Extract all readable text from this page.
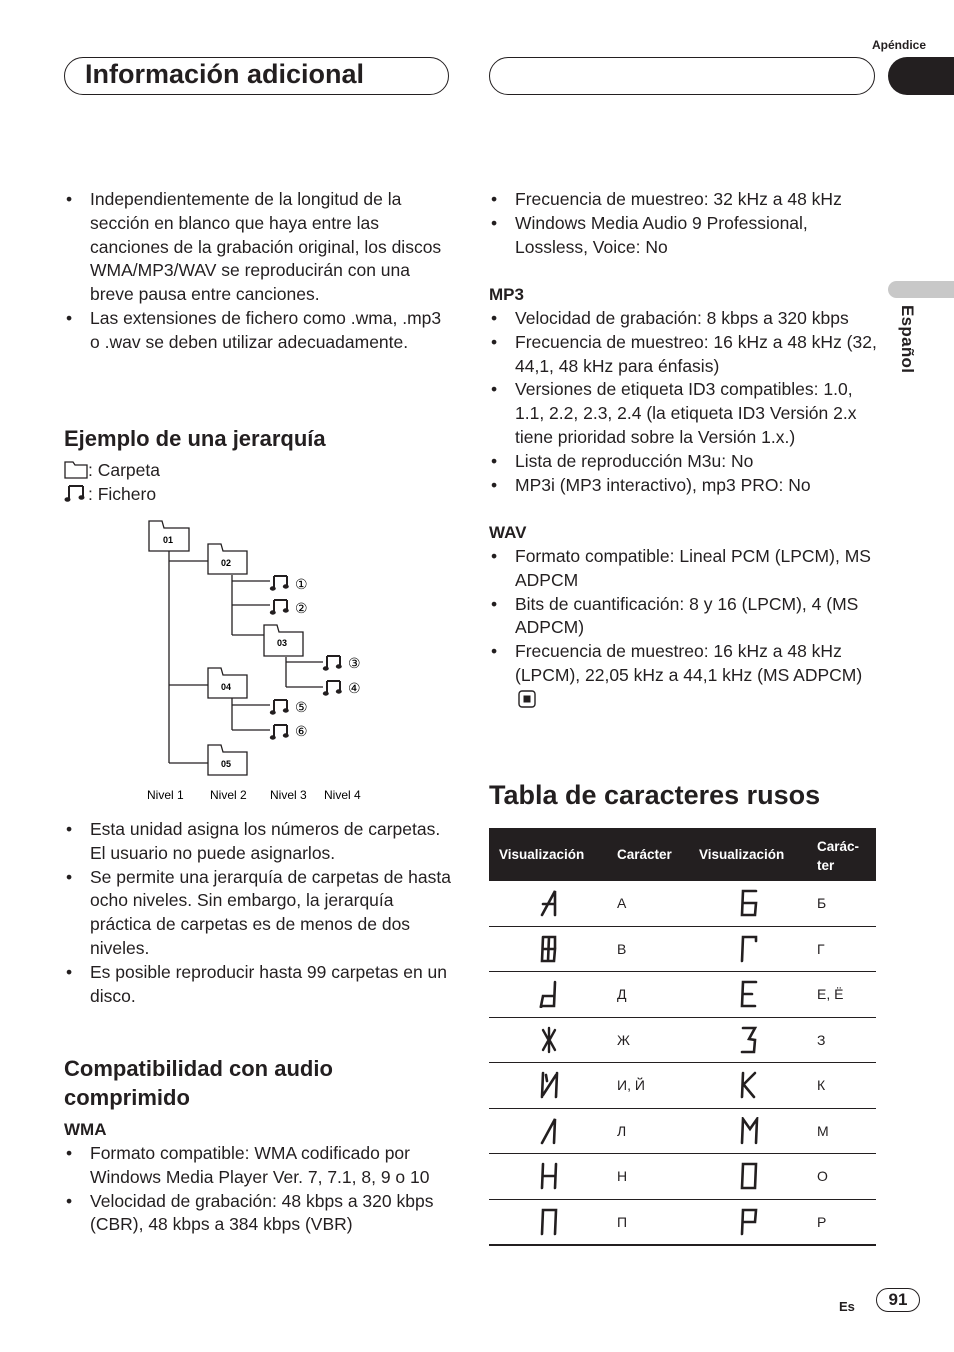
Apéndice
Información adicional
Español
• Independientemente de la longitud de la sección en blanco que haya entre las canciones de la grabación original, los discos WMA/MP3/WAV se reproducirán con una breve pausa entre canciones.
• Las extensiones de fichero como .wma, .mp3 o .wav se deben utilizar adecuadamente.
Ejemplo de una jerarquía
: Carpeta
: Fichero
01
02
03
04
05
①
②
③
④
⑤
⑥
Nivel 1 Nivel 2 Nivel 3 Nivel 4
• Esta unidad asigna los números de carpetas. El usuario no puede asignarlos.
• Se permite una jerarquía de carpetas de hasta ocho niveles. Sin embargo, la jerarquía práctica de carpetas es de menos de dos niveles.
• Es posible reproducir hasta 99 carpetas en un disco.
Compatibilidad con audio comprimido
WMA
• Formato compatible: WMA codificado por Windows Media Player Ver. 7, 7.1, 8, 9 o 10
• Velocidad de grabación: 48 kbps a 320 kbps (CBR), 48 kbps a 384 kbps (VBR)
• Frecuencia de muestreo: 32 kHz a 48 kHz
• Windows Media Audio 9 Professional, Lossless, Voice: No
MP3
• Velocidad de grabación: 8 kbps a 320 kbps
• Frecuencia de muestreo: 16 kHz a 48 kHz (32, 44,1, 48 kHz para énfasis)
• Versiones de etiqueta ID3 compatibles: 1.0, 1.1, 2.2, 2.3, 2.4 (la etiqueta ID3 Versión 2.x tiene prioridad sobre la Versión 1.x.)
• Lista de reproducción M3u: No
• MP3i (MP3 interactivo), mp3 PRO: No
WAV
• Formato compatible: Lineal PCM (LPCM), MS ADPCM
• Bits de cuantificación: 8 y 16 (LPCM), 4 (MS ADPCM)
• Frecuencia de muestreo: 16 kHz a 48 kHz (LPCM), 22,05 kHz a 44,1 kHz (MS ADPCM)
Tabla de caracteres rusos
Visualización	Carácter	Visualización	Carác- ter

	А		Б

	В		Г

	Д		Е, Ё

	Ж		З

	И, Й		К

	Л		М

	Н		О

	П		Р
Es	91
